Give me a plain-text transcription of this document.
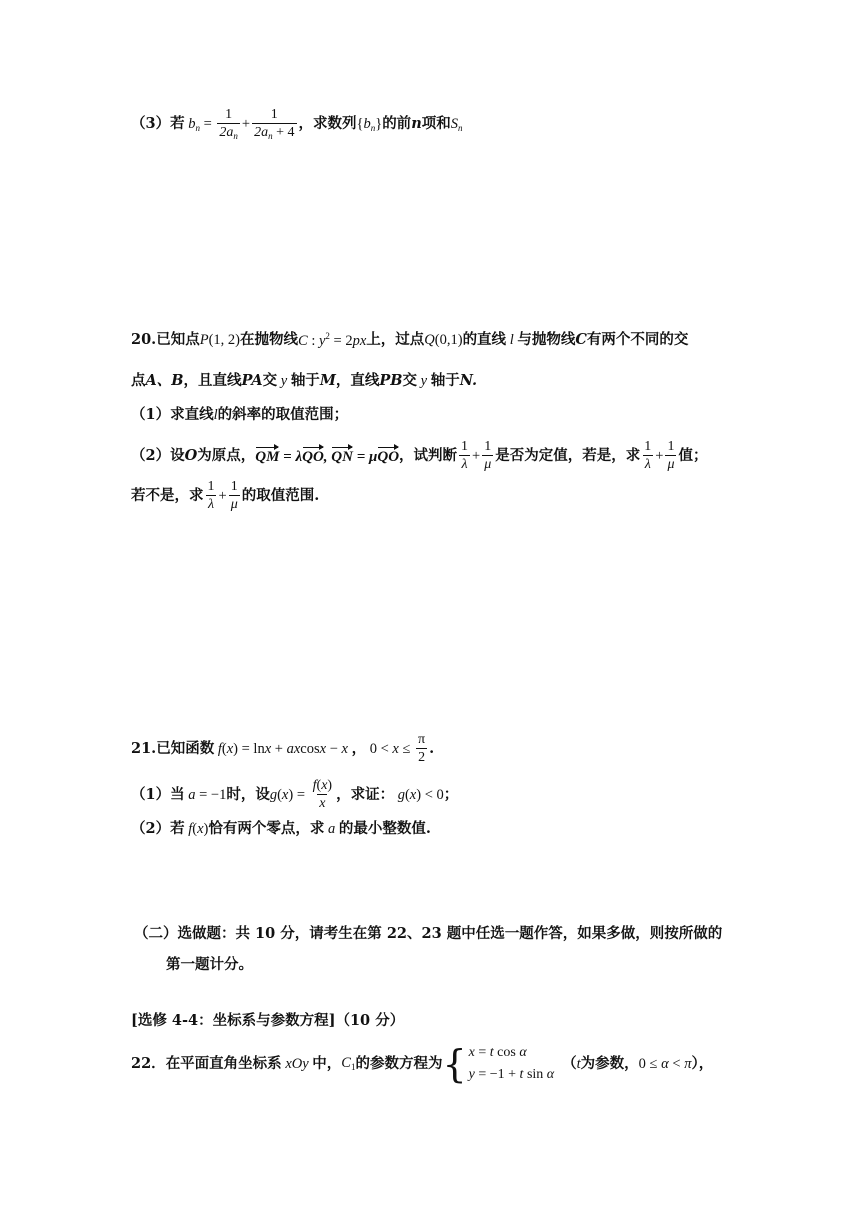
（3）若 $b_n = \frac{1}{2a_n} + \frac{1}{2a_n + 4}$ ，求数列 $\{b_n\}$ 的前 n 项和 $S_n$
20. 已知点 P(1, 2) 在抛物线 C : $y^2 = 2px$ 上，过点 Q(0,1) 的直线 l 与抛物线 C 有两个不同的交
点 A、B ，且直线 PA 交 y 轴于 M ，直线 PB 交 y 轴于 N.
（1）求直线 l 的斜率的取值范围；
（2）设 O 为原点， QM = λQO, QN = μQO ，试判断 $\frac{1}{\lambda} + \frac{1}{\mu}$ 是否为定值，若是，求 $\frac{1}{\lambda} + \frac{1}{\mu}$ 值；
若不是，求 $\frac{1}{\lambda} + \frac{1}{\mu}$ 的取值范围.
21. 已知函数 f(x) = lnx + axcosx − x ， $0 < x \le \frac{\pi}{2}$ .
（1）当 a = −1 时，设 $g(x) = \frac{f(x)}{x}$ ，求证： g(x) < 0 ；
（2）若 f(x) 恰有两个零点，求 a 的最小整数值.
（二）选做题：共 10 分，请考生在第 22、23 题中任选一题作答，如果多做，则按所做的
第一题计分。
[选修 4-4：坐标系与参数方程]（10 分）
22． 在平面直角坐标系 xOy 中， $C_1$ 的参数方程为 { x = t cos α
y = −1 + t sin α
（ t 为参数， 0 ≤ α < π ），
